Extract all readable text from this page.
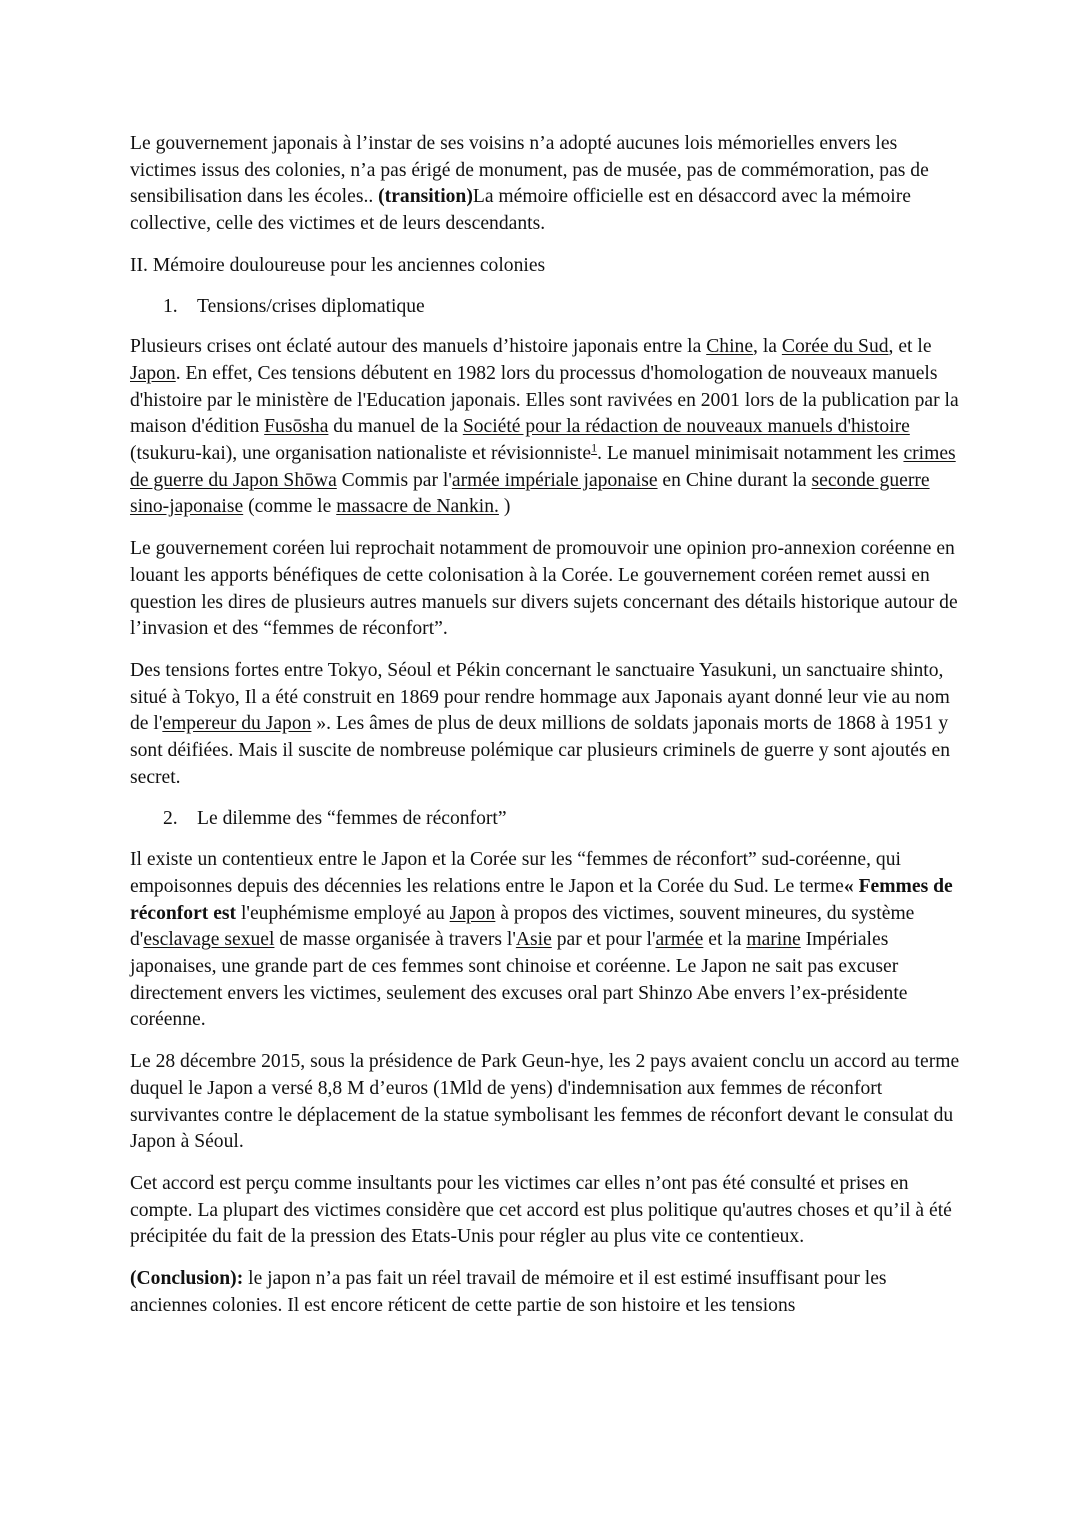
Le gouvernement japonais à l’instar de ses voisins n’a adopté aucunes lois mémorielles envers les victimes issus des colonies, n’a pas érigé de monument, pas de musée, pas de commémoration, pas de sensibilisation dans les écoles.. (transition)La mémoire officielle est en désaccord avec la mémoire collective, celle des victimes et de leurs descendants.

II. Mémoire douloureuse pour les anciennes colonies
1. Tensions/crises diplomatique

Plusieurs crises ont éclaté autour des manuels d’histoire japonais entre la Chine, la Corée du Sud, et le Japon. En effet, Ces tensions débutent en 1982 lors du processus d'homologation de nouveaux manuels d'histoire par le ministère de l'Education japonais. Elles sont ravivées en 2001 lors de la publication par la maison d'édition Fusōsha du manuel de la Société pour la rédaction de nouveaux manuels d'histoire (tsukuru-kai), une organisation nationaliste et révisionniste$^1$. Le manuel minimisait notamment les crimes de guerre du Japon Shōwa Commis par l'armée impériale japonaise en Chine durant la seconde guerre sino-japonaise (comme le massacre de Nankin. )

Le gouvernement coréen lui reprochait notamment de promouvoir une opinion pro-annexion coréenne en louant les apports bénéfiques de cette colonisation à la Corée. Le gouvernement coréen remet aussi en question les dires de plusieurs autres manuels sur divers sujets concernant des détails historique autour de l’invasion et des “femmes de réconfort”.

Des tensions fortes entre Tokyo, Séoul et Pékin concernant le sanctuaire Yasukuni, un sanctuaire shinto, situé à Tokyo, Il a été construit en 1869 pour rendre hommage aux Japonais ayant donné leur vie au nom de l'empereur du Japon ». Les âmes de plus de deux millions de soldats japonais morts de 1868 à 1951 y sont déifiées. Mais il suscite de nombreuse polémique car plusieurs criminels de guerre y sont ajoutés en secret.

2. Le dilemme des “femmes de réconfort”

Il existe un contentieux entre le Japon et la Corée sur les “femmes de réconfort” sud-coréenne, qui empoisonnes depuis des décennies les relations entre le Japon et la Corée du Sud. Le terme« Femmes de réconfort est l'euphémisme employé au Japon à propos des victimes, souvent mineures, du système d'esclavage sexuel de masse organisée à travers l'Asie par et pour l'armée et la marine Impériales japonaises, une grande part de ces femmes sont chinoise et coréenne. Le Japon ne sait pas excuser directement envers les victimes, seulement des excuses oral part Shinzo Abe envers l’ex-présidente coréenne.

Le 28 décembre 2015, sous la présidence de Park Geun-hye, les 2 pays avaient conclu un accord au terme duquel le Japon a versé 8,8 M d’euros (1Mld de yens) d'indemnisation aux femmes de réconfort survivantes contre le déplacement de la statue symbolisant les femmes de réconfort devant le consulat du Japon à Séoul.

Cet accord est perçu comme insultants pour les victimes car elles n’ont pas été consulté et prises en compte. La plupart des victimes considère que cet accord est plus politique qu'autres choses et qu’il à été précipitée du fait de la pression des Etats-Unis pour régler au plus vite ce contentieux.

(Conclusion): le japon n’a pas fait un réel travail de mémoire et il est estimé insuffisant pour les anciennes colonies. Il est encore réticent de cette partie de son histoire et les tensions
